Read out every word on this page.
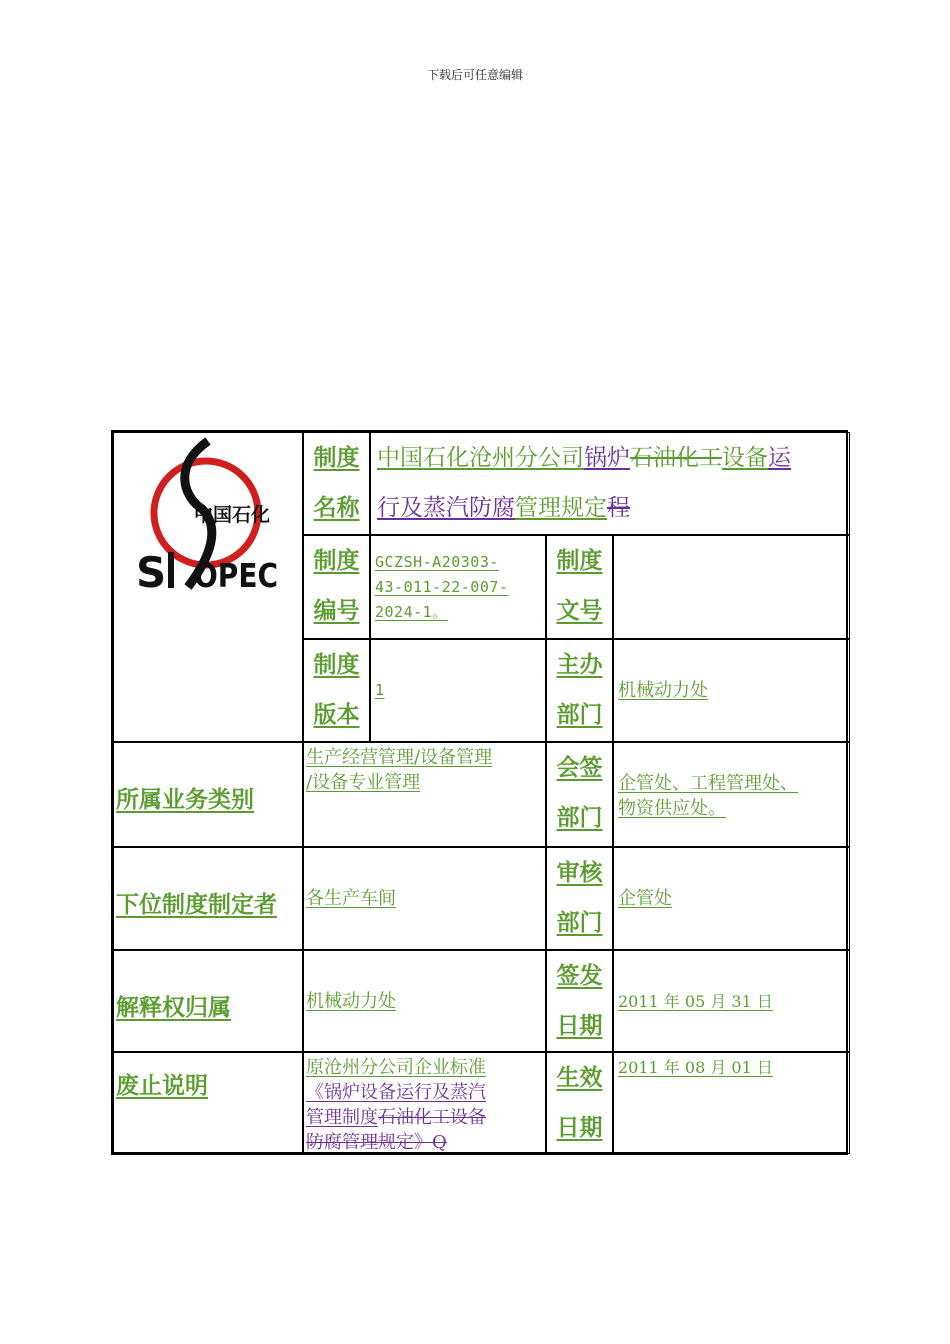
下载后可任意编辑
S
中国石化
OPEC
制度
名称
中国石化沧州分公司锅炉石油化工设备运
行及蒸汽防腐管理规定程
制度
编号
GCZSH-A20303-
43-011-22-007-
2024-1。
制度
文号
制度
版本
1
主办
部门
机械动力处
所属业务类别
生产经营管理/设备管理
/设备专业管理
会签
部门
企管处、工程管理处、
物资供应处。
下位制度制定者	各生产车间
审核
部门
企管处
解释权归属	机械动力处
签发
日期
2011 年 05 月 31 日
废止说明
原沧州分公司企业标准
《锅炉设备运行及蒸汽
管理制度石油化工设备
防腐管理规定》Q
生效
日期
2011 年 08 月 01 日
